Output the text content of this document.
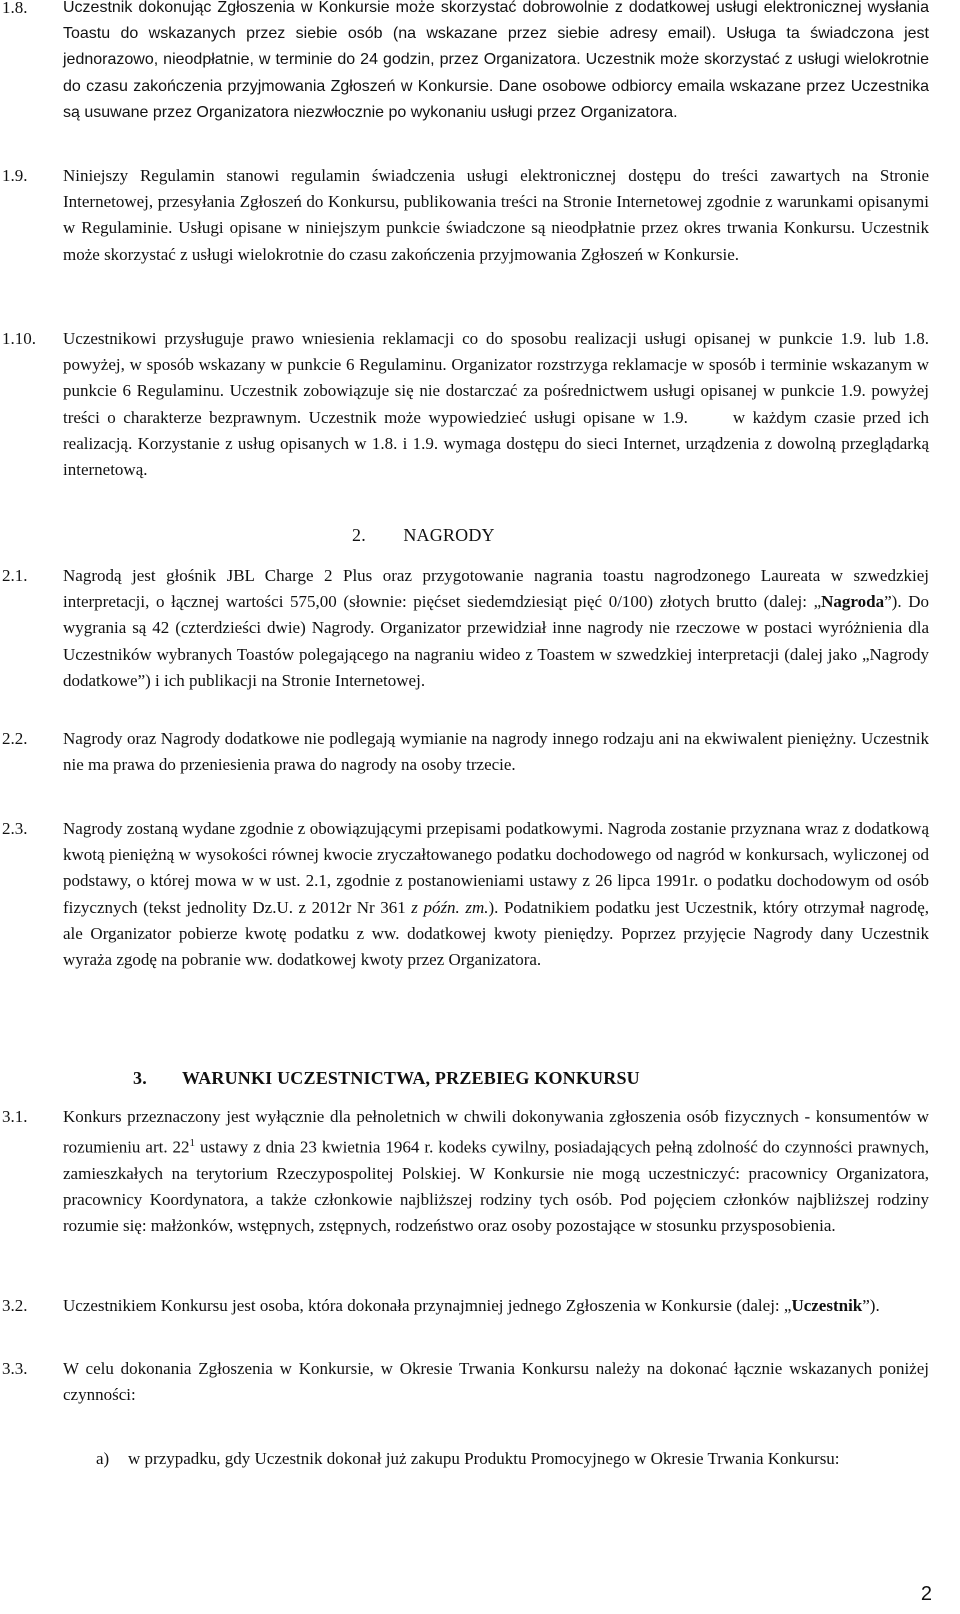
1.8. Uczestnik dokonując Zgłoszenia w Konkursie może skorzystać dobrowolnie z dodatkowej usługi elektronicznej wysłania Toastu do wskazanych przez siebie osób (na wskazane przez siebie adresy email). Usługa ta świadczona jest jednorazowo, nieodpłatnie, w terminie do 24 godzin, przez Organizatora. Uczestnik może skorzystać z usługi wielokrotnie do czasu zakończenia przyjmowania Zgłoszeń w Konkursie. Dane osobowe odbiorcy emaila wskazane przez Uczestnika są usuwane przez Organizatora niezwłocznie po wykonaniu usługi przez Organizatora.
1.9. Niniejszy Regulamin stanowi regulamin świadczenia usługi elektronicznej dostępu do treści zawartych na Stronie Internetowej, przesyłania Zgłoszeń do Konkursu, publikowania treści na Stronie Internetowej zgodnie z warunkami opisanymi w Regulaminie. Usługi opisane w niniejszym punkcie świadczone są nieodpłatnie przez okres trwania Konkursu. Uczestnik może skorzystać z usługi wielokrotnie do czasu zakończenia przyjmowania Zgłoszeń w Konkursie.
1.10. Uczestnikowi przysługuje prawo wniesienia reklamacji co do sposobu realizacji usługi opisanej w punkcie 1.9. lub 1.8. powyżej, w sposób wskazany w punkcie 6 Regulaminu. Organizator rozstrzyga reklamacje w sposób i terminie wskazanym w punkcie 6 Regulaminu. Uczestnik zobowiązuje się nie dostarczać za pośrednictwem usługi opisanej w punkcie 1.9. powyżej treści o charakterze bezprawnym. Uczestnik może wypowiedzieć usługi opisane w 1.9.      w każdym czasie przed ich realizacją. Korzystanie z usług opisanych w 1.8. i 1.9. wymaga dostępu do sieci Internet, urządzenia z dowolną przeglądarką internetową.
2. NAGRODY
2.1. Nagrodą jest głośnik JBL Charge 2 Plus oraz przygotowanie nagrania toastu nagrodzonego Laureata w szwedzkiej interpretacji, o łącznej wartości 575,00 (słownie: pięćset siedemdziesiąt pięć 0/100) złotych brutto (dalej: „Nagroda”). Do wygrania są 42 (czterdzieści dwie) Nagrody. Organizator przewidział inne nagrody nie rzeczowe w postaci wyróżnienia dla Uczestników wybranych Toastów polegającego na nagraniu wideo z Toastem w szwedzkiej interpretacji (dalej jako „Nagrody dodatkowe”) i ich publikacji na Stronie Internetowej.
2.2. Nagrody oraz Nagrody dodatkowe nie podlegają wymianie na nagrody innego rodzaju ani na ekwiwalent pieniężny. Uczestnik nie ma prawa do przeniesienia prawa do nagrody na osoby trzecie.
2.3. Nagrody zostaną wydane zgodnie z obowiązującymi przepisami podatkowymi. Nagroda zostanie przyznana wraz z dodatkową kwotą pieniężną w wysokości równej kwocie zryczałtowanego podatku dochodowego od nagród w konkursach, wyliczonej od podstawy, o której mowa w w ust. 2.1, zgodnie z postanowieniami ustawy z 26 lipca 1991r. o podatku dochodowym od osób fizycznych (tekst jednolity Dz.U. z 2012r Nr 361 z późn. zm.). Podatnikiem podatku jest Uczestnik, który otrzymał nagrodę, ale Organizator pobierze kwotę podatku z ww. dodatkowej kwoty pieniędzy. Poprzez przyjęcie Nagrody dany Uczestnik wyraża zgodę na pobranie ww. dodatkowej kwoty przez Organizatora.
3. WARUNKI UCZESTNICTWA, PRZEBIEG KONKURSU
3.1. Konkurs przeznaczony jest wyłącznie dla pełnoletnich w chwili dokonywania zgłoszenia osób fizycznych - konsumentów w rozumieniu art. $22^1$ ustawy z dnia 23 kwietnia 1964 r. kodeks cywilny, posiadających pełną zdolność do czynności prawnych, zamieszkałych na terytorium Rzeczypospolitej Polskiej. W Konkursie nie mogą uczestniczyć: pracownicy Organizatora, pracownicy Koordynatora, a także członkowie najbliższej rodziny tych osób. Pod pojęciem członków najbliższej rodziny rozumie się: małżonków, wstępnych, zstępnych, rodzeństwo oraz osoby pozostające w stosunku przysposobienia.
3.2. Uczestnikiem Konkursu jest osoba, która dokonała przynajmniej jednego Zgłoszenia w Konkursie (dalej: „Uczestnik”).
3.3. W celu dokonania Zgłoszenia w Konkursie, w Okresie Trwania Konkursu należy na dokonać łącznie wskazanych poniżej czynności:
a) w przypadku, gdy Uczestnik dokonał już zakupu Produktu Promocyjnego w Okresie Trwania Konkursu:
2
